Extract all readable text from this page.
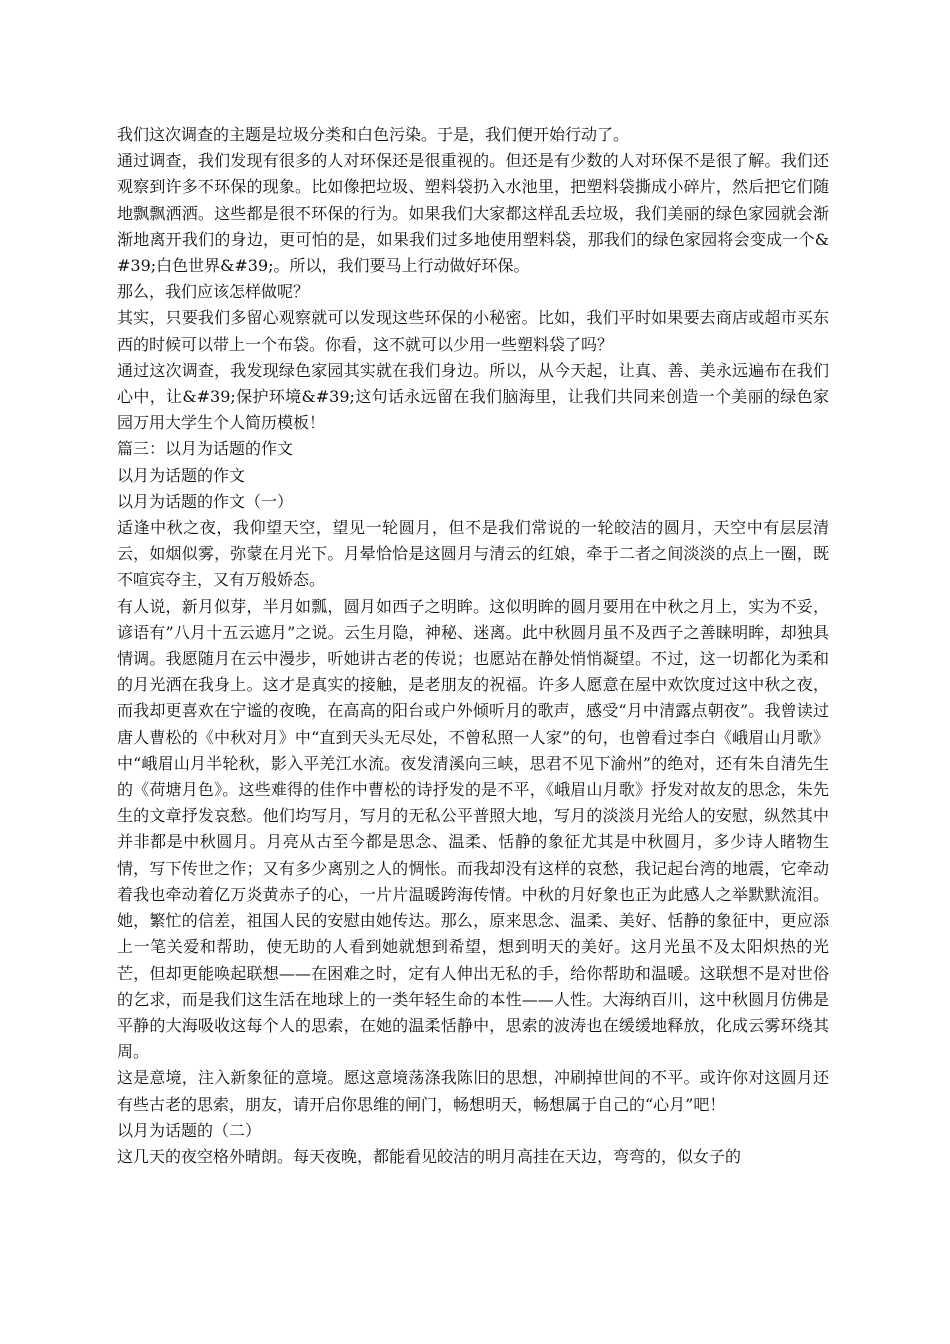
我们这次调查的主题是垃圾分类和白色污染。于是，我们便开始行动了。

通过调查，我们发现有很多的人对环保还是很重视的。但还是有少数的人对环保不是很了解。我们还观察到许多不环保的现象。比如像把垃圾、塑料袋扔入水池里，把塑料袋撕成小碎片，然后把它们随地飘飘洒洒。这些都是很不环保的行为。如果我们大家都这样乱丢垃圾，我们美丽的绿色家园就会渐渐地离开我们的身边，更可怕的是，如果我们过多地使用塑料袋，那我们的绿色家园将会变成一个&#39;白色世界&#39;。所以，我们要马上行动做好环保。

那么，我们应该怎样做呢？

其实，只要我们多留心观察就可以发现这些环保的小秘密。比如，我们平时如果要去商店或超市买东西的时候可以带上一个布袋。你看，这不就可以少用一些塑料袋了吗？

通过这次调查，我发现绿色家园其实就在我们身边。所以，从今天起，让真、善、美永远遍布在我们心中，让&#39;保护环境&#39;这句话永远留在我们脑海里，让我们共同来创造一个美丽的绿色家园万用大学生个人简历模板！

篇三：以月为话题的作文

以月为话题的作文

以月为话题的作文（一）

适逢中秋之夜，我仰望天空，望见一轮圆月，但不是我们常说的一轮皎洁的圆月，天空中有层层清云，如烟似雾，弥蒙在月光下。月晕恰恰是这圆月与清云的红娘，牵于二者之间淡淡的点上一圈，既不喧宾夺主，又有万般娇态。

有人说，新月似芽，半月如瓢，圆月如西子之明眸。这似明眸的圆月要用在中秋之月上，实为不妥，谚语有”八月十五云遮月”之说。云生月隐，神秘、迷离。此中秋圆月虽不及西子之善睐明眸，却独具情调。我愿随月在云中漫步，听她讲古老的传说；也愿站在静处悄悄凝望。不过，这一切都化为柔和的月光洒在我身上。这才是真实的接触，是老朋友的祝福。许多人愿意在屋中欢饮度过这中秋之夜，而我却更喜欢在宁谧的夜晚，在高高的阳台或户外倾听月的歌声，感受“月中清露点朝夜”。我曾读过唐人曹松的《中秋对月》中“直到天头无尽处，不曾私照一人家”的句，也曾看过李白《峨眉山月歌》中“峨眉山月半轮秋，影入平羌江水流。夜发清溪向三峡，思君不见下渝州”的绝对，还有朱自清先生的《荷塘月色》。这些难得的佳作中曹松的诗抒发的是不平，《峨眉山月歌》抒发对故友的思念，朱先生的文章抒发哀愁。他们均写月，写月的无私公平普照大地，写月的淡淡月光给人的安慰，纵然其中并非都是中秋圆月。月亮从古至今都是思念、温柔、恬静的象征尤其是中秋圆月，多少诗人睹物生情，写下传世之作；又有多少离别之人的惆怅。而我却没有这样的哀愁，我记起台湾的地震，它牵动着我也牵动着亿万炎黄赤子的心，一片片温暖跨海传情。中秋的月好象也正为此感人之举默默流泪。她，繁忙的信差，祖国人民的安慰由她传达。那么，原来思念、温柔、美好、恬静的象征中，更应添上一笔关爱和帮助，使无助的人看到她就想到希望，想到明天的美好。这月光虽不及太阳炽热的光芒，但却更能唤起联想——在困难之时，定有人伸出无私的手，给你帮助和温暖。这联想不是对世俗的乞求，而是我们这生活在地球上的一类年轻生命的本性——人性。大海纳百川，这中秋圆月仿佛是平静的大海吸收这每个人的思索，在她的温柔恬静中，思索的波涛也在缓缓地释放，化成云雾环绕其周。

这是意境，注入新象征的意境。愿这意境荡涤我陈旧的思想，冲刷掉世间的不平。或许你对这圆月还有些古老的思索，朋友，请开启你思维的闸门，畅想明天，畅想属于自己的“心月”吧！

以月为话题的（二）

这几天的夜空格外晴朗。每天夜晚，都能看见皎洁的明月高挂在天边，弯弯的，似女子的
